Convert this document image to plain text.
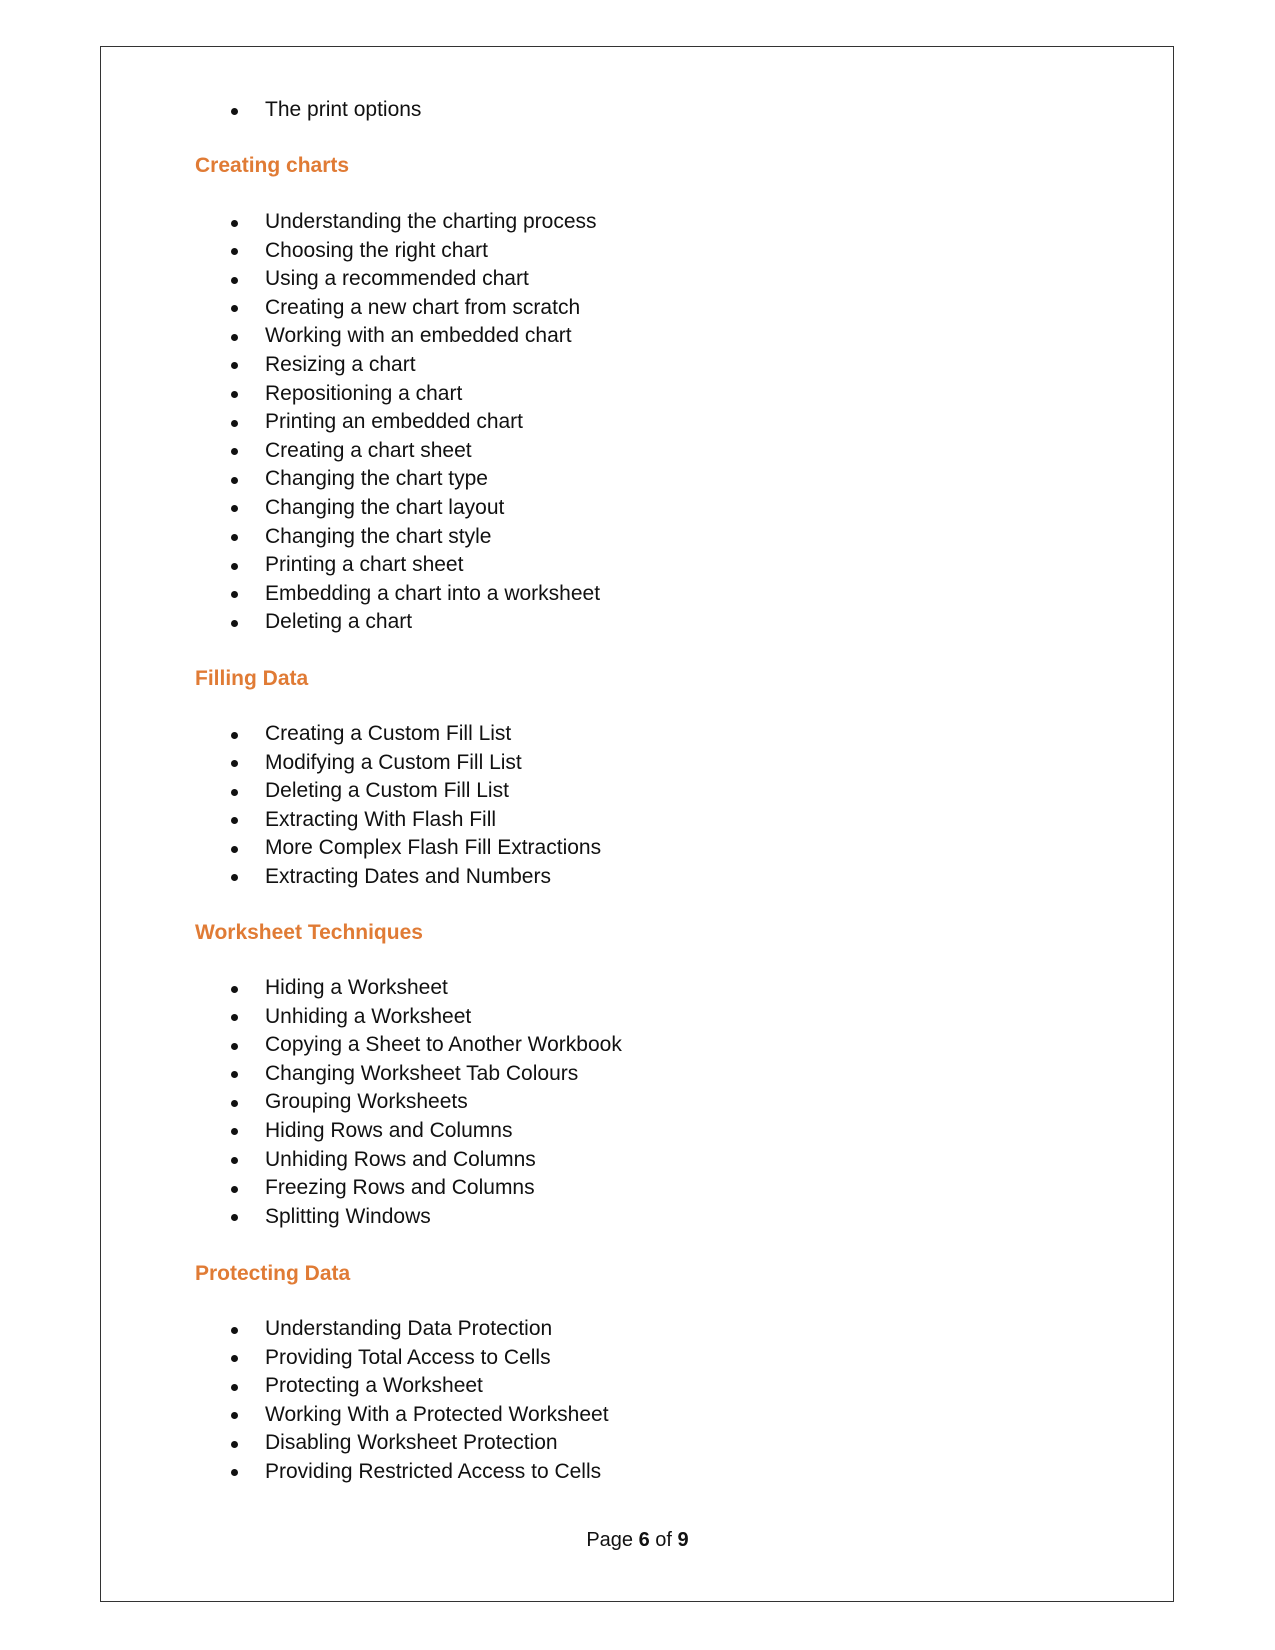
The print options
Creating charts
Understanding the charting process
Choosing the right chart
Using a recommended chart
Creating a new chart from scratch
Working with an embedded chart
Resizing a chart
Repositioning a chart
Printing an embedded chart
Creating a chart sheet
Changing the chart type
Changing the chart layout
Changing the chart style
Printing a chart sheet
Embedding a chart into a worksheet
Deleting a chart
Filling Data
Creating a Custom Fill List
Modifying a Custom Fill List
Deleting a Custom Fill List
Extracting With Flash Fill
More Complex Flash Fill Extractions
Extracting Dates and Numbers
Worksheet Techniques
Hiding a Worksheet
Unhiding a Worksheet
Copying a Sheet to Another Workbook
Changing Worksheet Tab Colours
Grouping Worksheets
Hiding Rows and Columns
Unhiding Rows and Columns
Freezing Rows and Columns
Splitting Windows
Protecting Data
Understanding Data Protection
Providing Total Access to Cells
Protecting a Worksheet
Working With a Protected Worksheet
Disabling Worksheet Protection
Providing Restricted Access to Cells
Page 6 of 9
